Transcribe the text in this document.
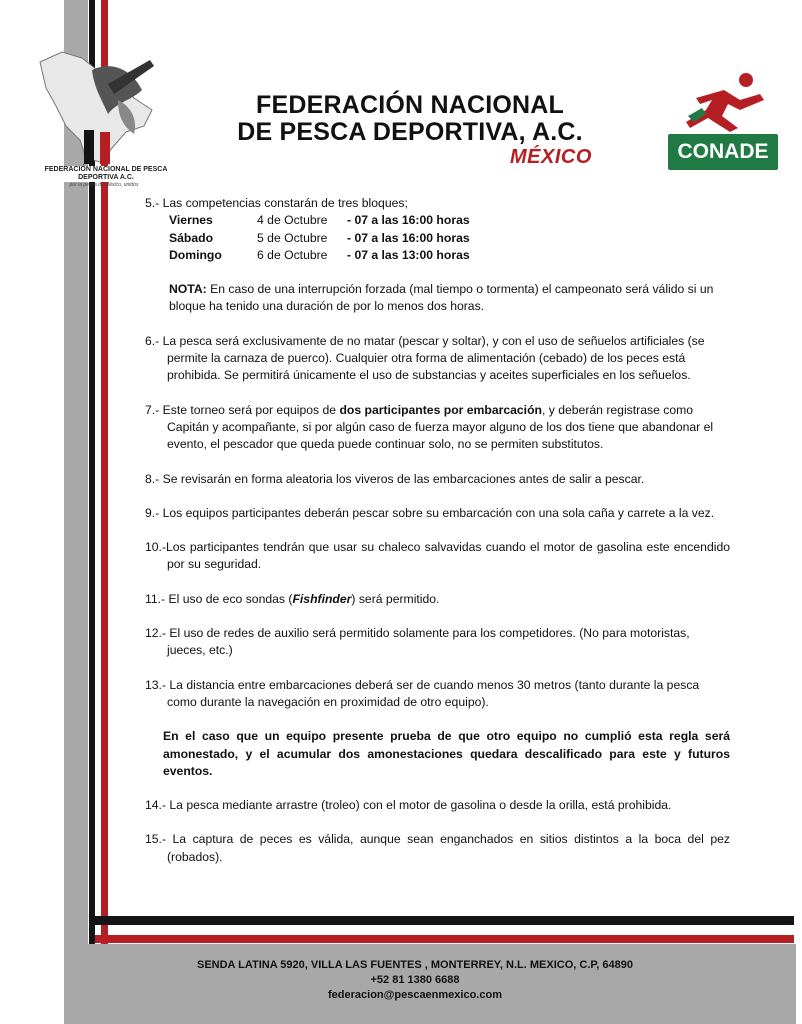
FEDERACIÓN NACIONAL DE PESCA DEPORTIVA A.C.
por la pesca de México, unidos
FEDERACIÓN NACIONAL
DE PESCA DEPORTIVA, A.C.
MÉXICO	CONADE
5.- Las competencias constarán de tres bloques;
Viernes	4 de Octubre	- 07 a las 16:00 horas
Sábado	5 de Octubre	- 07 a las 16:00 horas
Domingo	6 de Octubre	- 07 a las 13:00 horas
NOTA: En caso de una interrupción forzada (mal tiempo o tormenta) el campeonato será válido si un bloque ha tenido una duración de por lo menos dos horas.
6.- La pesca será exclusivamente de no matar (pescar y soltar), y con el uso de señuelos artificiales (se permite la carnaza de puerco). Cualquier otra forma de alimentación (cebado) de los peces está prohibida. Se permitirá únicamente el uso de substancias y aceites superficiales en los señuelos.
7.- Este torneo será por equipos de dos participantes por embarcación, y deberán registrase como Capitán y acompañante, si por algún caso de fuerza mayor alguno de los dos tiene que abandonar el evento, el pescador que queda puede continuar solo, no se permiten substitutos.
8.- Se revisarán en forma aleatoria los viveros de las embarcaciones antes de salir a pescar.
9.- Los equipos participantes deberán pescar sobre su embarcación con una sola caña y carrete a la vez.
10.-Los participantes tendrán que usar su chaleco salvavidas cuando el motor de gasolina este encendido por su seguridad.
11.- El uso de eco sondas (Fishfinder) será permitido.
12.- El uso de redes de auxilio será permitido solamente para los competidores. (No para motoristas, jueces, etc.)
13.- La distancia entre embarcaciones deberá ser de cuando menos 30 metros (tanto durante la pesca como durante la navegación en proximidad de otro equipo).
En el caso que un equipo presente prueba de que otro equipo no cumplió esta regla será amonestado, y el acumular dos amonestaciones quedara descalificado para este y futuros eventos.
14.- La pesca mediante arrastre (troleo) con el motor de gasolina o desde la orilla, está prohibida.
15.- La captura de peces es válida, aunque sean enganchados en sitios distintos a la boca del pez (robados).
SENDA LATINA 5920, VILLA LAS FUENTES , MONTERREY, N.L. MEXICO, C.P, 64890
+52 81 1380 6688
federacion@pescaenmexico.com
